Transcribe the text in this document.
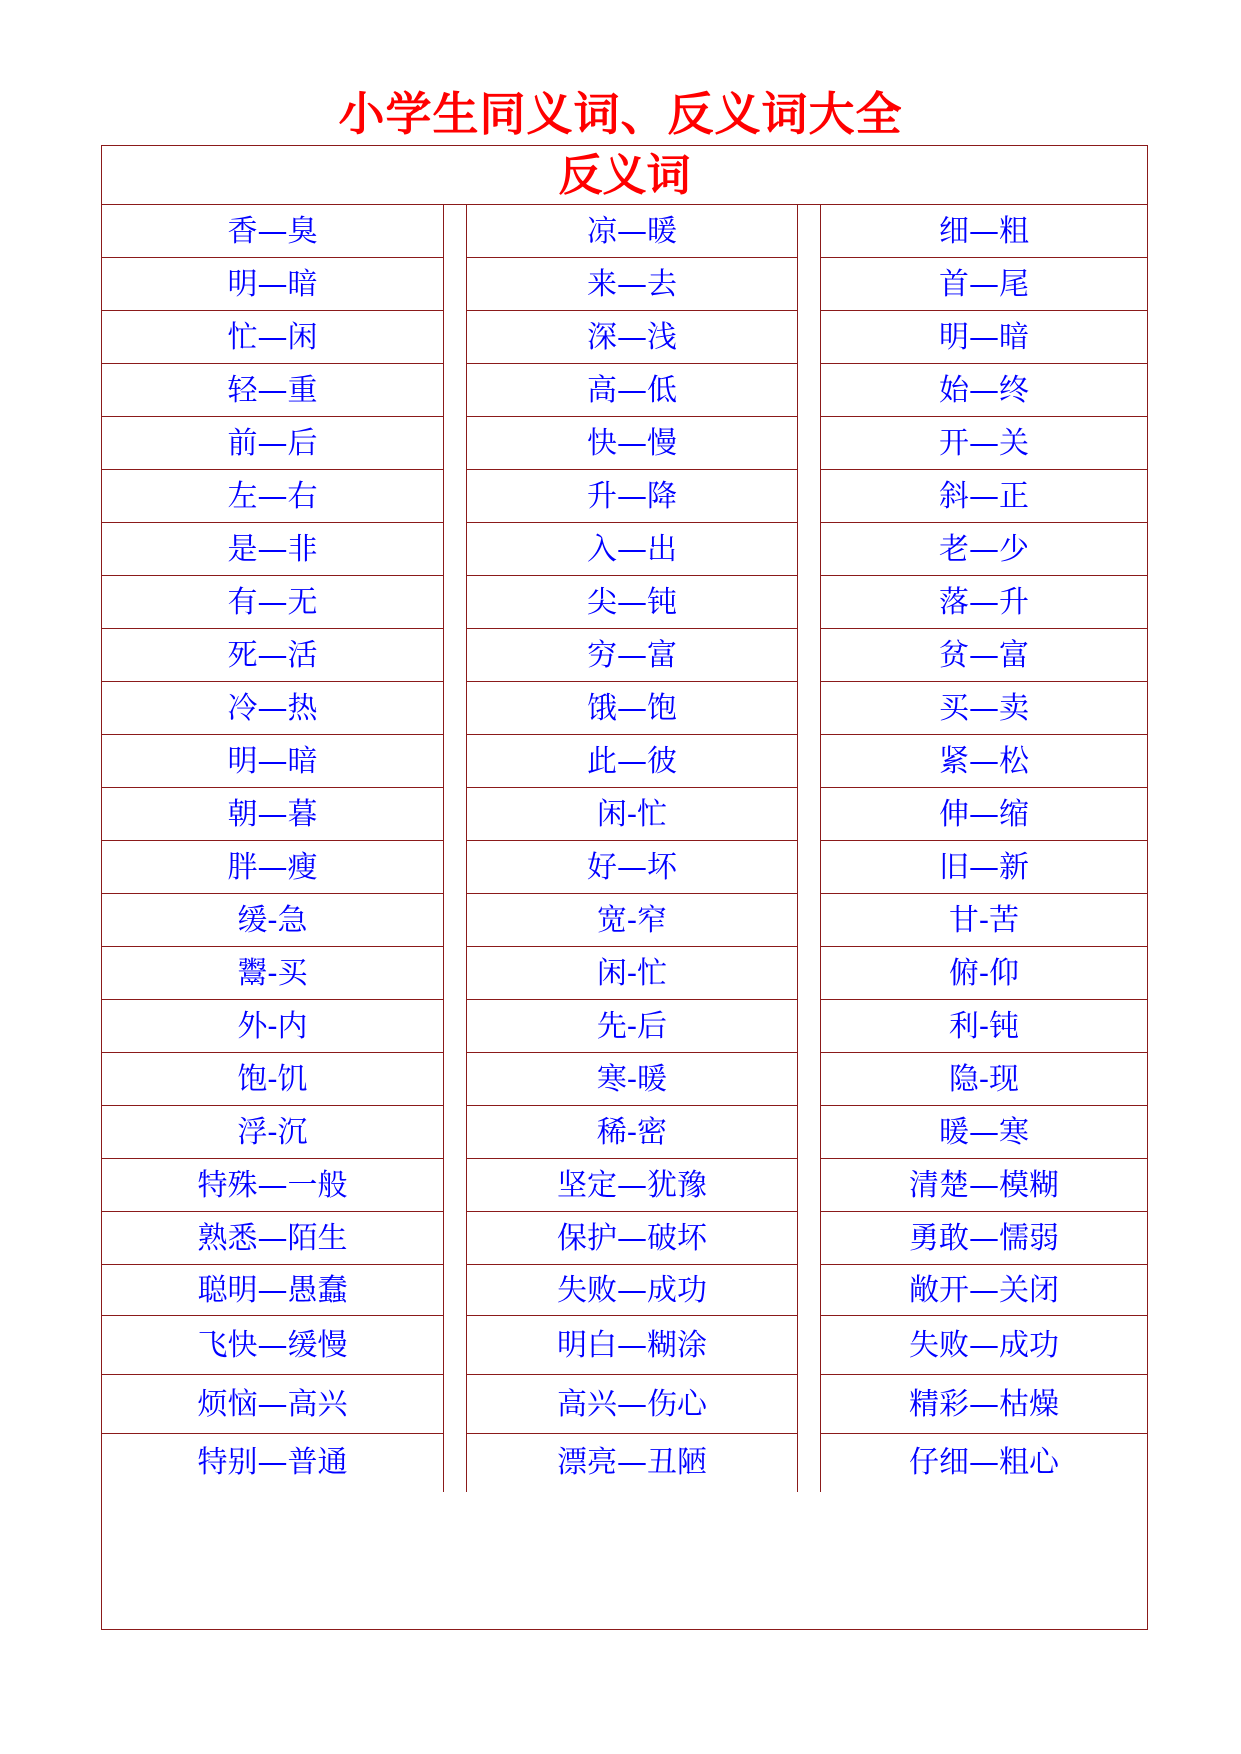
小学生同义词、反义词大全
反义词
香—臭
明—暗
忙—闲
轻—重
前—后
左—右
是—非
有—无
死—活
冷—热
明—暗
朝—暮
胖—瘦
缓-急
鬻-买
外-内
饱-饥
浮-沉
特殊—一般
熟悉—陌生
聪明—愚蠢
飞快—缓慢
烦恼—高兴
特别—普通
凉—暖
来—去
深—浅
高—低
快—慢
升—降
入—出
尖—钝
穷—富
饿—饱
此—彼
闲-忙
好—坏
宽-窄
闲-忙
先-后
寒-暖
稀-密
坚定—犹豫
保护—破坏
失败—成功
明白—糊涂
高兴—伤心
漂亮—丑陋
细—粗
首—尾
明—暗
始—终
开—关
斜—正
老—少
落—升
贫—富
买—卖
紧—松
伸—缩
旧—新
甘-苦
俯-仰
利-钝
隐-现
暖—寒
清楚—模糊
勇敢—懦弱
敞开—关闭
失败—成功
精彩—枯燥
仔细—粗心
